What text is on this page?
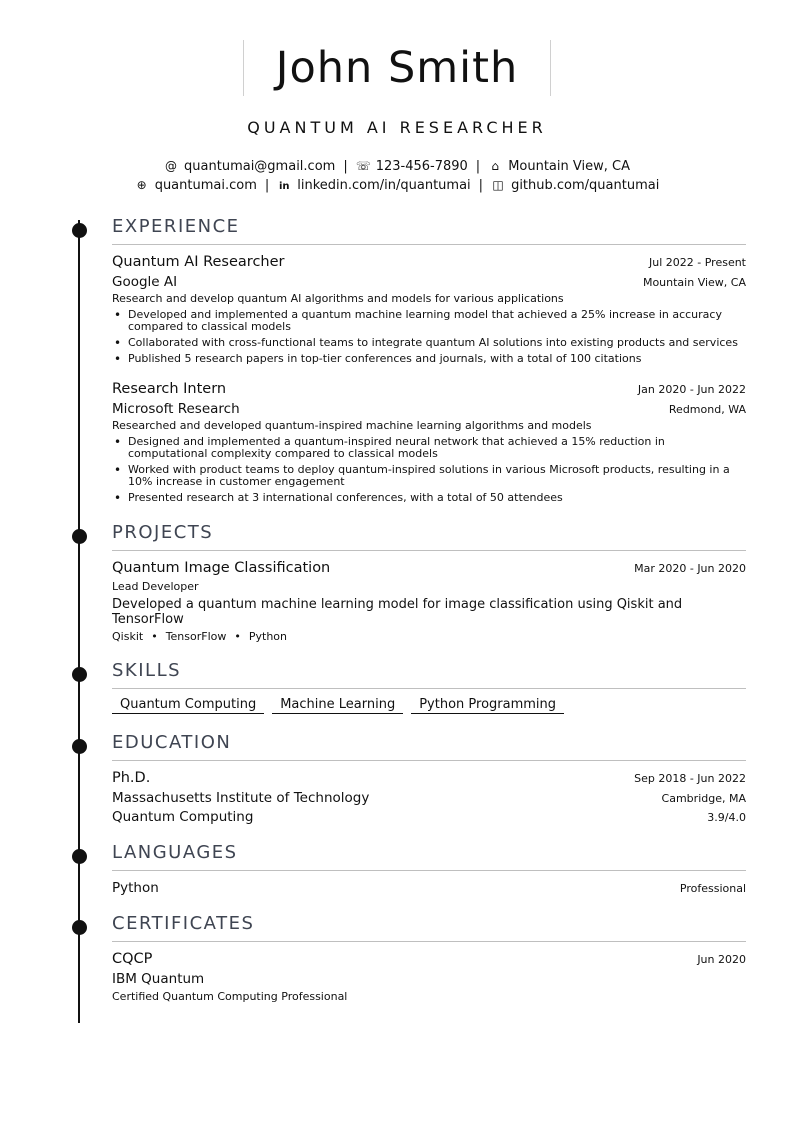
John Smith
QUANTUM AI RESEARCHER
@ quantumai@gmail.com | ☏ 123-456-7890 | ⌂ Mountain View, CA
⊕ quantumai.com | in linkedin.com/in/quantumai | ◫ github.com/quantumai
EXPERIENCE
Quantum AI Researcher	Jul 2022 - Present
Google AI	Mountain View, CA
Research and develop quantum AI algorithms and models for various applications
• Developed and implemented a quantum machine learning model that achieved a 25% increase in accuracy compared to classical models
• Collaborated with cross-functional teams to integrate quantum AI solutions into existing products and services
• Published 5 research papers in top-tier conferences and journals, with a total of 100 citations
Research Intern	Jan 2020 - Jun 2022
Microsoft Research	Redmond, WA
Researched and developed quantum-inspired machine learning algorithms and models
• Designed and implemented a quantum-inspired neural network that achieved a 15% reduction in computational complexity compared to classical models
• Worked with product teams to deploy quantum-inspired solutions in various Microsoft products, resulting in a 10% increase in customer engagement
• Presented research at 3 international conferences, with a total of 50 attendees
PROJECTS
Quantum Image Classification	Mar 2020 - Jun 2020
Lead Developer
Developed a quantum machine learning model for image classification using Qiskit and TensorFlow
Qiskit • TensorFlow • Python
SKILLS
Quantum Computing	Machine Learning	Python Programming
EDUCATION
Ph.D.	Sep 2018 - Jun 2022
Massachusetts Institute of Technology	Cambridge, MA
Quantum Computing	3.9/4.0
LANGUAGES
Python	Professional
CERTIFICATES
CQCP	Jun 2020
IBM Quantum
Certified Quantum Computing Professional
